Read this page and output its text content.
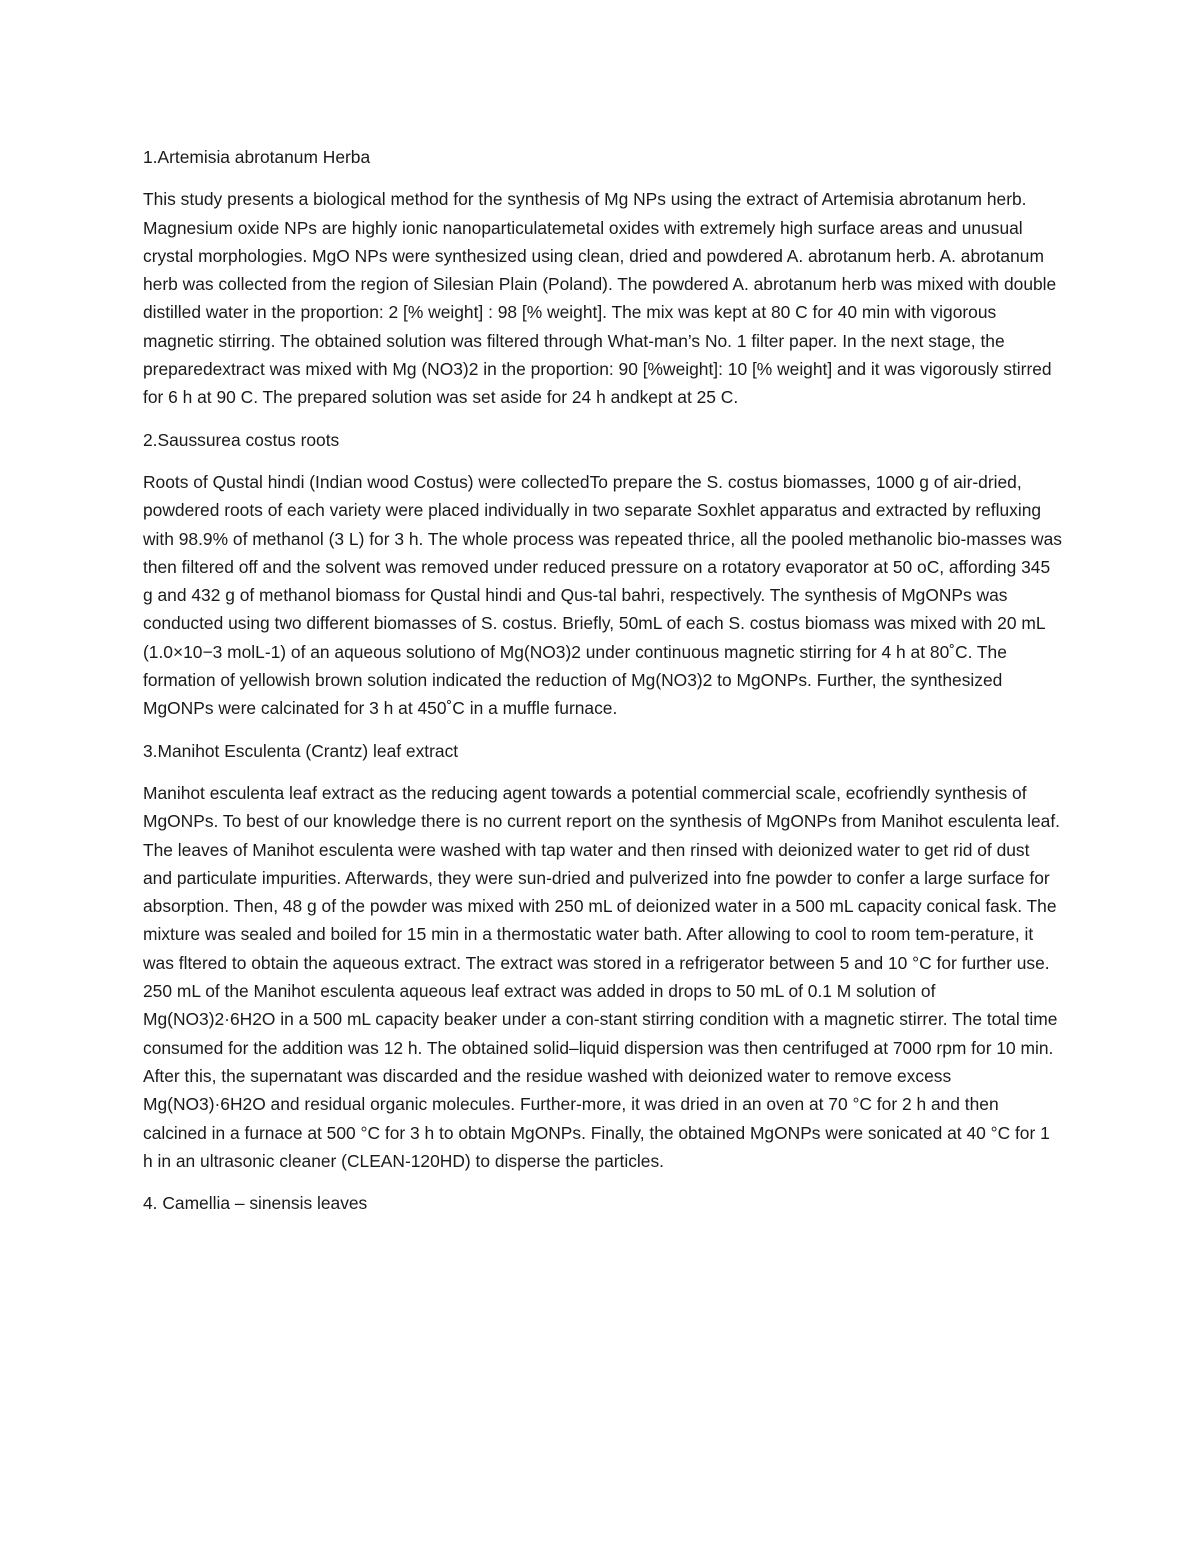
1.Artemisia abrotanum Herba

This study presents a biological method for the synthesis of Mg NPs using the extract of Artemisia abrotanum herb. Magnesium oxide NPs are highly ionic nanoparticulatemetal oxides with extremely high surface areas and unusual crystal morphologies. MgO NPs were synthesized using clean, dried and powdered A. abrotanum herb. A. abrotanum herb was collected from the region of Silesian Plain (Poland). The powdered A. abrotanum herb was mixed with double distilled water in the proportion: 2 [% weight] : 98 [% weight]. The mix was kept at 80 C for 40 min with vigorous magnetic stirring. The obtained solution was filtered through What-man’s No. 1 filter paper. In the next stage, the preparedextract was mixed with Mg (NO3)2 in the proportion: 90 [%weight]: 10 [% weight] and it was vigorously stirred for 6 h at 90 C. The prepared solution was set aside for 24 h andkept at 25 C.

2.Saussurea costus roots

Roots of Qustal hindi (Indian wood Costus) were collectedTo prepare the S. costus biomasses, 1000 g of air-dried, powdered roots of each variety were placed individually in two separate Soxhlet apparatus and extracted by refluxing with 98.9% of methanol (3 L) for 3 h. The whole process was repeated thrice, all the pooled methanolic bio-masses was then filtered off and the solvent was removed under reduced pressure on a rotatory evaporator at 50 oC, affording 345 g and 432 g of methanol biomass for Qustal hindi and Qus-tal bahri, respectively. The synthesis of MgONPs was conducted using two different biomasses of S. costus. Briefly, 50mL of each S. costus biomass was mixed with 20 mL (1.0×10−3 molL-1) of an aqueous solutiono of Mg(NO3)2 under continuous magnetic stirring for 4 h at 80˚C. The formation of yellowish brown solution indicated the reduction of Mg(NO3)2 to MgONPs. Further, the synthesized MgONPs were calcinated for 3 h at 450˚C in a muffle furnace.

3.Manihot Esculenta (Crantz) leaf extract

Manihot esculenta leaf extract as the reducing agent towards a potential commercial scale, ecofriendly synthesis of MgONPs. To best of our knowledge there is no current report on the synthesis of MgONPs from Manihot esculenta leaf. The leaves of Manihot esculenta were washed with tap water and then rinsed with deionized water to get rid of dust and particulate impurities. Afterwards, they were sun-dried and pulverized into fne powder to confer a large surface for absorption. Then, 48 g of the powder was mixed with 250 mL of deionized water in a 500 mL capacity conical fask. The mixture was sealed and boiled for 15 min in a thermostatic water bath. After allowing to cool to room tem-perature, it was fltered to obtain the aqueous extract. The extract was stored in a refrigerator between 5 and 10 °C for further use. 250 mL of the Manihot esculenta aqueous leaf extract was added in drops to 50 mL of 0.1 M solution of Mg(NO3)2·6H2O in a 500 mL capacity beaker under a con-stant stirring condition with a magnetic stirrer. The total time consumed for the addition was 12 h. The obtained solid–liquid dispersion was then centrifuged at 7000 rpm for 10 min. After this, the supernatant was discarded and the residue washed with deionized water to remove excess Mg(NO3)·6H2O and residual organic molecules. Further-more, it was dried in an oven at 70 °C for 2 h and then calcined in a furnace at 500 °C for 3 h to obtain MgONPs. Finally, the obtained MgONPs were sonicated at 40 °C for 1 h in an ultrasonic cleaner (CLEAN-120HD) to disperse the particles.

4. Camellia – sinensis leaves
